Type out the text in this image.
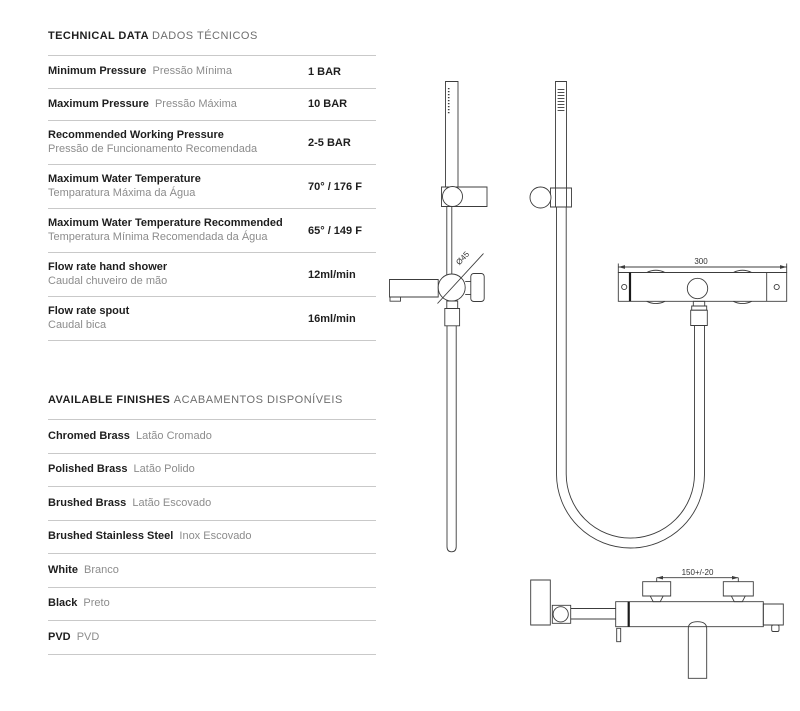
TECHNICAL DATA DADOS TÉCNICOS
Minimum Pressure Pressão Mínima	1 BAR
Maximum Pressure Pressão Máxima	10 BAR
Recommended Working Pressure
Pressão de Funcionamento Recomendada	2-5 BAR
Maximum Water Temperature
Temparatura Máxima da Água	70° / 176 F
Maximum Water Temperature Recommended
Temperatura Mínima Recomendada da Água	65° / 149 F
Flow rate hand shower
Caudal chuveiro de mão	12ml/min
Flow rate spout
Caudal bica	16ml/min
AVAILABLE FINISHES ACABAMENTOS DISPONÍVEIS
Chromed Brass Latão Cromado
Polished Brass Latão Polido
Brushed Brass Latão Escovado
Brushed Stainless Steel Inox Escovado
White Branco
Black Preto
PVD PVD
Ø45	300
150+/-20
